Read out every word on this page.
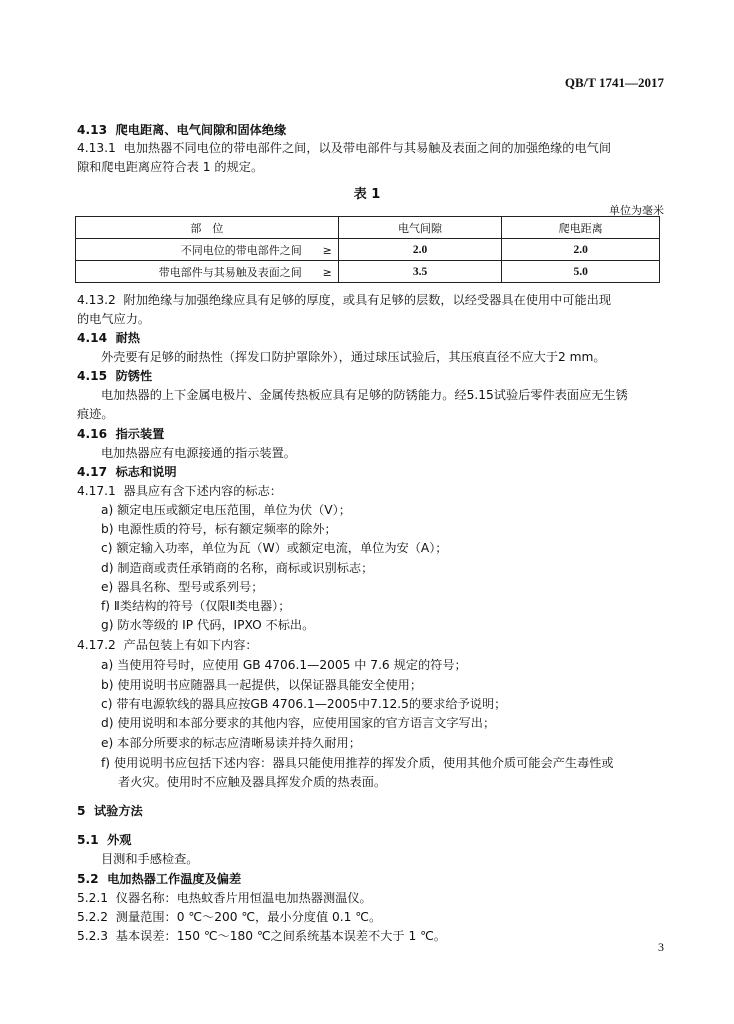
QB/T 1741—2017
4.13 爬电距离、电气间隙和固体绝缘
4.13.1 电加热器不同电位的带电部件之间，以及带电部件与其易触及表面之间的加强绝缘的电气间
隙和爬电距离应符合表 1 的规定。
表 1
单位为毫米
部　位	电气间隙	爬电距离
不同电位的带电部件之间 ≥	2.0	2.0
带电部件与其易触及表面之间 ≥	3.5	5.0
4.13.2 附加绝缘与加强绝缘应具有足够的厚度，或具有足够的层数，以经受器具在使用中可能出现
的电气应力。
4.14 耐热
外壳要有足够的耐热性（挥发口防护罩除外），通过球压试验后，其压痕直径不应大于2 mm。
4.15 防锈性
电加热器的上下金属电极片、金属传热板应具有足够的防锈能力。经5.15试验后零件表面应无生锈
痕迹。
4.16 指示装置
电加热器应有电源接通的指示装置。
4.17 标志和说明
4.17.1 器具应有含下述内容的标志：
a) 额定电压或额定电压范围，单位为伏（V）；
b) 电源性质的符号，标有额定频率的除外；
c) 额定输入功率，单位为瓦（W）或额定电流，单位为安（A）；
d) 制造商或责任承销商的名称，商标或识别标志；
e) 器具名称、型号或系列号；
f) Ⅱ类结构的符号（仅限Ⅱ类电器）；
g) 防水等级的 IP 代码，IPXO 不标出。
4.17.2 产品包装上有如下内容：
a) 当使用符号时，应使用 GB 4706.1—2005 中 7.6 规定的符号；
b) 使用说明书应随器具一起提供，以保证器具能安全使用；
c) 带有电源软线的器具应按GB 4706.1—2005中7.12.5的要求给予说明；
d) 使用说明和本部分要求的其他内容，应使用国家的官方语言文字写出；
e) 本部分所要求的标志应清晰易读并持久耐用；
f) 使用说明书应包括下述内容：器具只能使用推荐的挥发介质，使用其他介质可能会产生毒性或
者火灾。使用时不应触及器具挥发介质的热表面。
5 试验方法
5.1 外观
目测和手感检查。
5.2 电加热器工作温度及偏差
5.2.1 仪器名称：电热蚊香片用恒温电加热器测温仪。
5.2.2 测量范围：0 ℃～200 ℃，最小分度值 0.1 ℃。
5.2.3 基本误差：150 ℃～180 ℃之间系统基本误差不大于 1 ℃。
3
